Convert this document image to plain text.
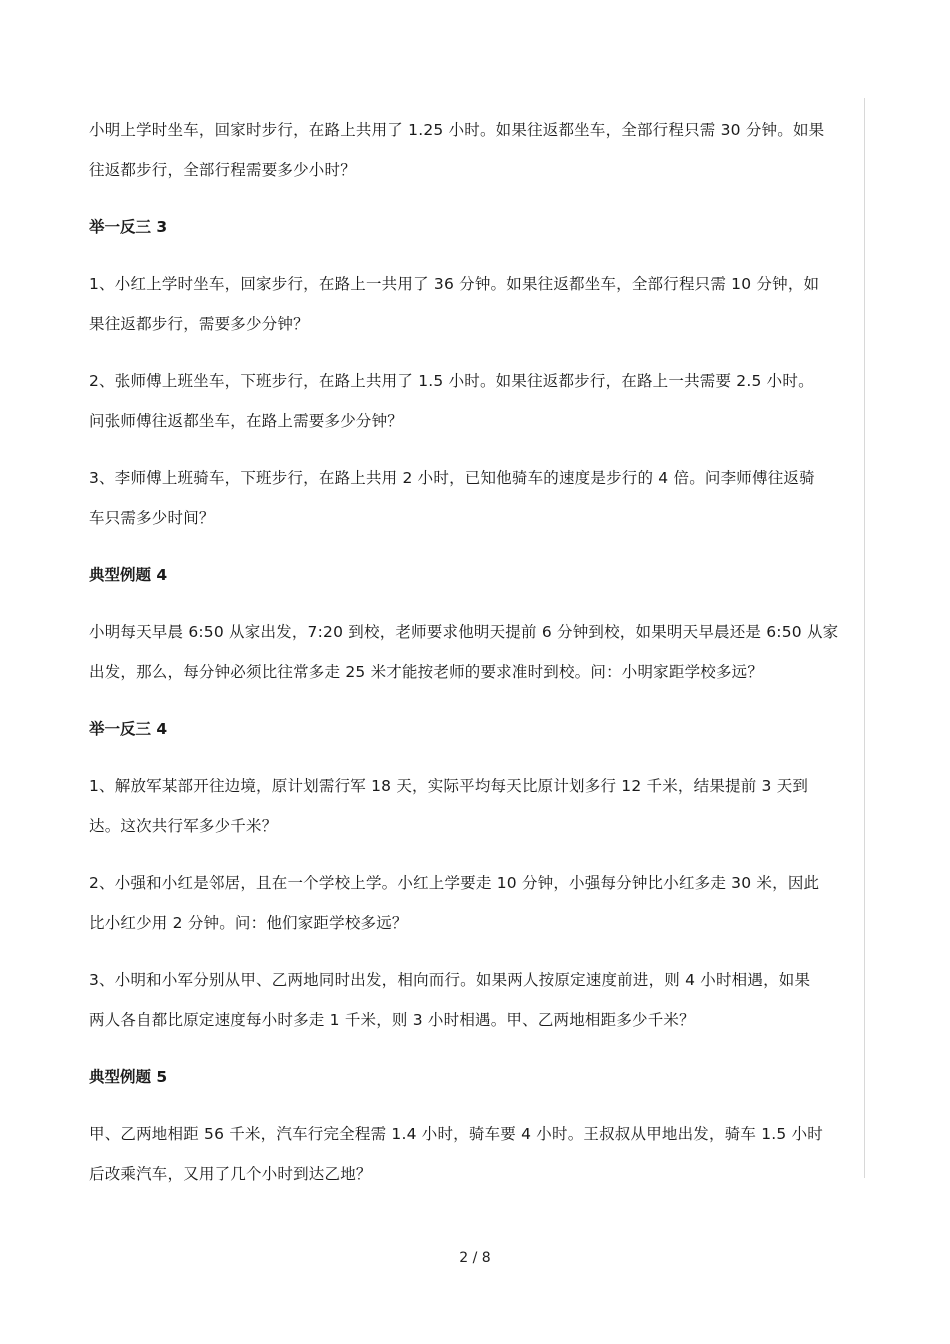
小明上学时坐车，回家时步行，在路上共用了 1.25 小时。如果往返都坐车，全部行程只需 30 分钟。如果
往返都步行，全部行程需要多少小时？
举一反三 3
1、小红上学时坐车，回家步行，在路上一共用了 36 分钟。如果往返都坐车，全部行程只需 10 分钟，如
果往返都步行，需要多少分钟？
2、张师傅上班坐车，下班步行，在路上共用了 1.5 小时。如果往返都步行，在路上一共需要 2.5 小时。
问张师傅往返都坐车，在路上需要多少分钟？
3、李师傅上班骑车，下班步行，在路上共用 2 小时，已知他骑车的速度是步行的 4 倍。问李师傅往返骑
车只需多少时间？
典型例题 4
小明每天早晨 6:50 从家出发，7:20 到校，老师要求他明天提前 6 分钟到校，如果明天早晨还是 6:50 从家
出发，那么，每分钟必须比往常多走 25 米才能按老师的要求准时到校。问：小明家距学校多远？
举一反三 4
1、解放军某部开往边境，原计划需行军 18 天，实际平均每天比原计划多行 12 千米，结果提前 3 天到
达。这次共行军多少千米？
2、小强和小红是邻居，且在一个学校上学。小红上学要走 10 分钟，小强每分钟比小红多走 30 米，因此
比小红少用 2 分钟。问：他们家距学校多远？
3、小明和小军分别从甲、乙两地同时出发，相向而行。如果两人按原定速度前进，则 4 小时相遇，如果
两人各自都比原定速度每小时多走 1 千米，则 3 小时相遇。甲、乙两地相距多少千米？
典型例题 5
甲、乙两地相距 56 千米，汽车行完全程需 1.4 小时，骑车要 4 小时。王叔叔从甲地出发，骑车 1.5 小时
后改乘汽车，又用了几个小时到达乙地？
2 / 8
